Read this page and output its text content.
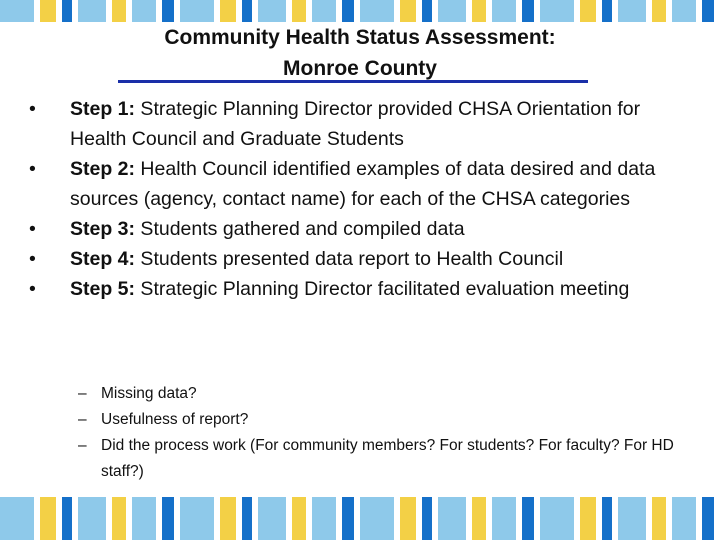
Community Health Status Assessment:
Monroe County
• Step 1: Strategic Planning Director provided CHSA Orientation for Health Council and Graduate Students
• Step 2: Health Council identified examples of data desired and data sources (agency, contact name) for each of the CHSA categories
• Step 3: Students gathered and compiled data
• Step 4: Students presented data report to Health Council
• Step 5: Strategic Planning Director facilitated evaluation meeting
– Missing data?
– Usefulness of report?
– Did the process work (For community members? For students? For faculty? For HD staff?)
